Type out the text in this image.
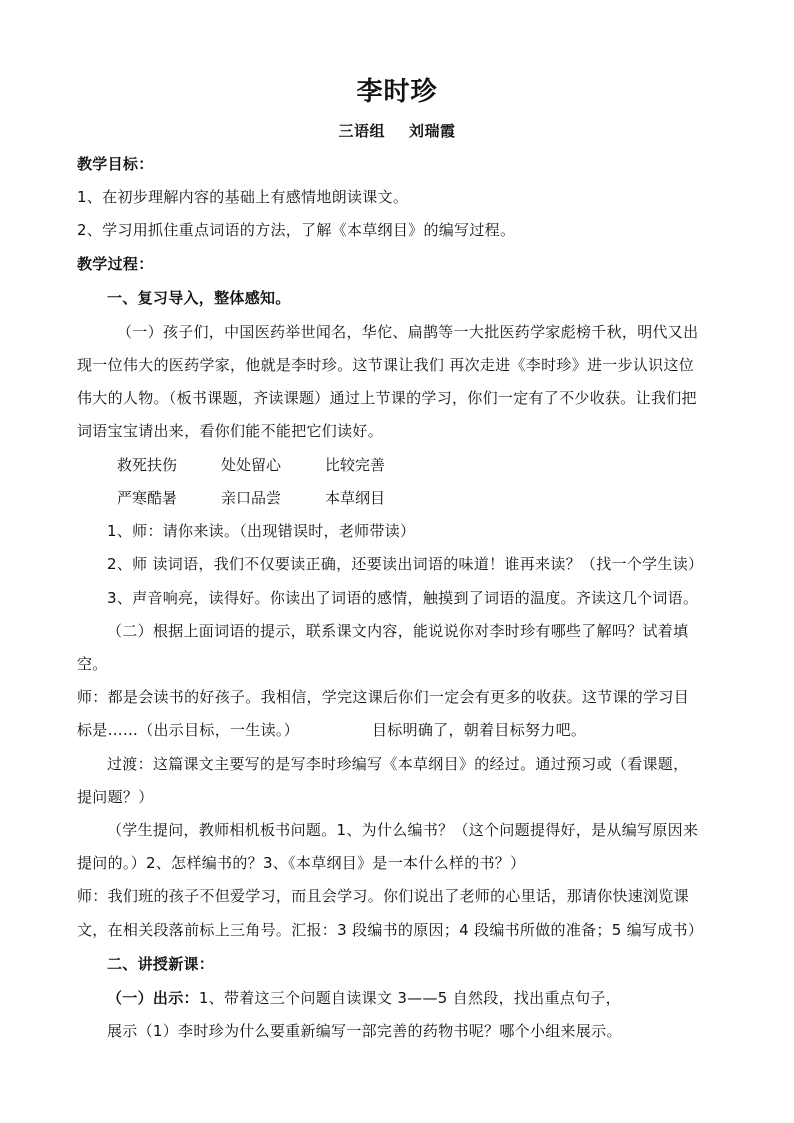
李时珍
三语组 刘瑞霞
教学目标：
1、在初步理解内容的基础上有感情地朗读课文。
2、学习用抓住重点词语的方法，了解《本草纲目》的编写过程。
教学过程：
一、复习导入，整体感知。
（一）孩子们，中国医药举世闻名，华佗、扁鹊等一大批医药学家彪榜千秋，明代又出
现一位伟大的医药学家，他就是李时珍。这节课让我们 再次走进《李时珍》进一步认识这位
伟大的人物。（板书课题，齐读课题）通过上节课的学习，你们一定有了不少收获。让我们把
词语宝宝请出来，看你们能不能把它们读好。
救死扶伤	处处留心	比较完善
严寒酷暑	亲口品尝	本草纲目
1、师：请你来读。（出现错误时，老师带读）
2、师 读词语，我们不仅要读正确，还要读出词语的味道！谁再来读？（找一个学生读）
3、声音响亮，读得好。你读出了词语的感情，触摸到了词语的温度。齐读这几个词语。
（二）根据上面词语的提示，联系课文内容，能说说你对李时珍有哪些了解吗？试着填
空。
师：都是会读书的好孩子。我相信，学完这课后你们一定会有更多的收获。这节课的学习目
标是……（出示目标，一生读。）	目标明确了，朝着目标努力吧。
过渡：这篇课文主要写的是写李时珍编写《本草纲目》的经过。通过预习或（看课题，
提问题？）
（学生提问，教师相机板书问题。1、为什么编书？（这个问题提得好，是从编写原因来
提问的。）2、怎样编书的？3、《本草纲目》是一本什么样的书？）
师：我们班的孩子不但爱学习，而且会学习。你们说出了老师的心里话，那请你快速浏览课
文，在相关段落前标上三角号。汇报：3 段编书的原因；4 段编书所做的准备；5 编写成书）
二、讲授新课：
（一）出示：1、带着这三个问题自读课文 3——5 自然段，找出重点句子，
展示（1）李时珍为什么要重新编写一部完善的药物书呢？哪个小组来展示。
